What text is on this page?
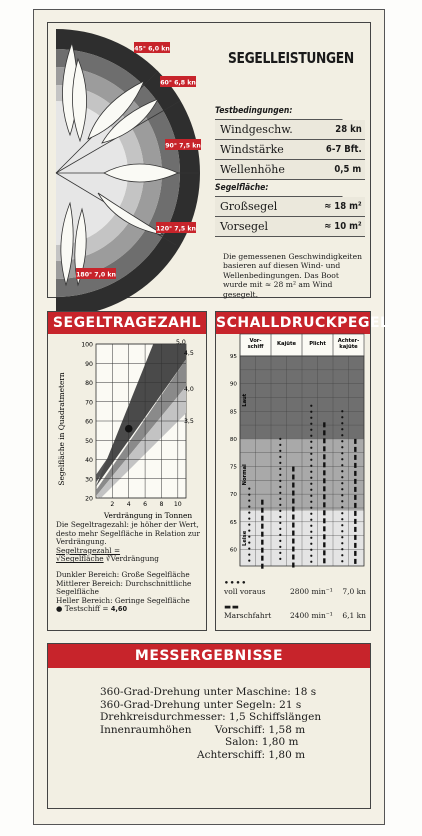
45° 6,0 kn
60° 6,8 kn
90° 7,5 kn
120° 7,5 kn
180° 7,0 kn
SEGELLEISTUNGEN
Testbedingungen:
Windgeschw.	28 kn
Windstärke	6-7 Bft.
Wellenhöhe	0,5 m
Segelfläche:
Großsegel	≈ 18 m²
Vorsegel	≈ 10 m²
Die gemessenen Geschwindigkeiten basieren auf diesen Wind- und Wellenbedingungen. Das Boot wurde mit ≈ 28 m² am Wind gesegelt.
SEGELTRAGEZAHL
Segelfläche in Quadratmetern
Verdrängung in Tonnen
100
90
80
70
60
50
40
30
20
2 4 6 8 10
5,0
4,5
4,0
3,5
Die Segeltragezahl: je höher der Wert, desto mehr Segelfläche in Relation zur Verdrängung.
Segeltragezahl =
√Segelfläche ∛Verdrängung
Dunkler Bereich: Große Segelfläche
Mittlerer Bereich: Durchschnittliche Segelfläche
Heller Bereich: Geringe Segelfläche
● Testschiff = 4,60
SCHALLDRUCKPEGEL
Vor-
schiff	Kajüte	Plicht Achter-
kajüte
95
90
85
80
75
70
65
60
Laut
Normal
Leise
••••
voll voraus	2800 min⁻¹ 7,0 kn
▬ ▬
Marschfahrt 2400 min⁻¹ 6,1 kn
MESSERGEBNISSE
360-Grad-Drehung unter Maschine: 18 s
360-Grad-Drehung unter Segeln: 21 s
Drehkreisdurchmesser: 1,5 Schiffslängen
Innenraumhöhen Vorschiff: 1,58 m
Salon: 1,80 m
Achterschiff: 1,80 m
